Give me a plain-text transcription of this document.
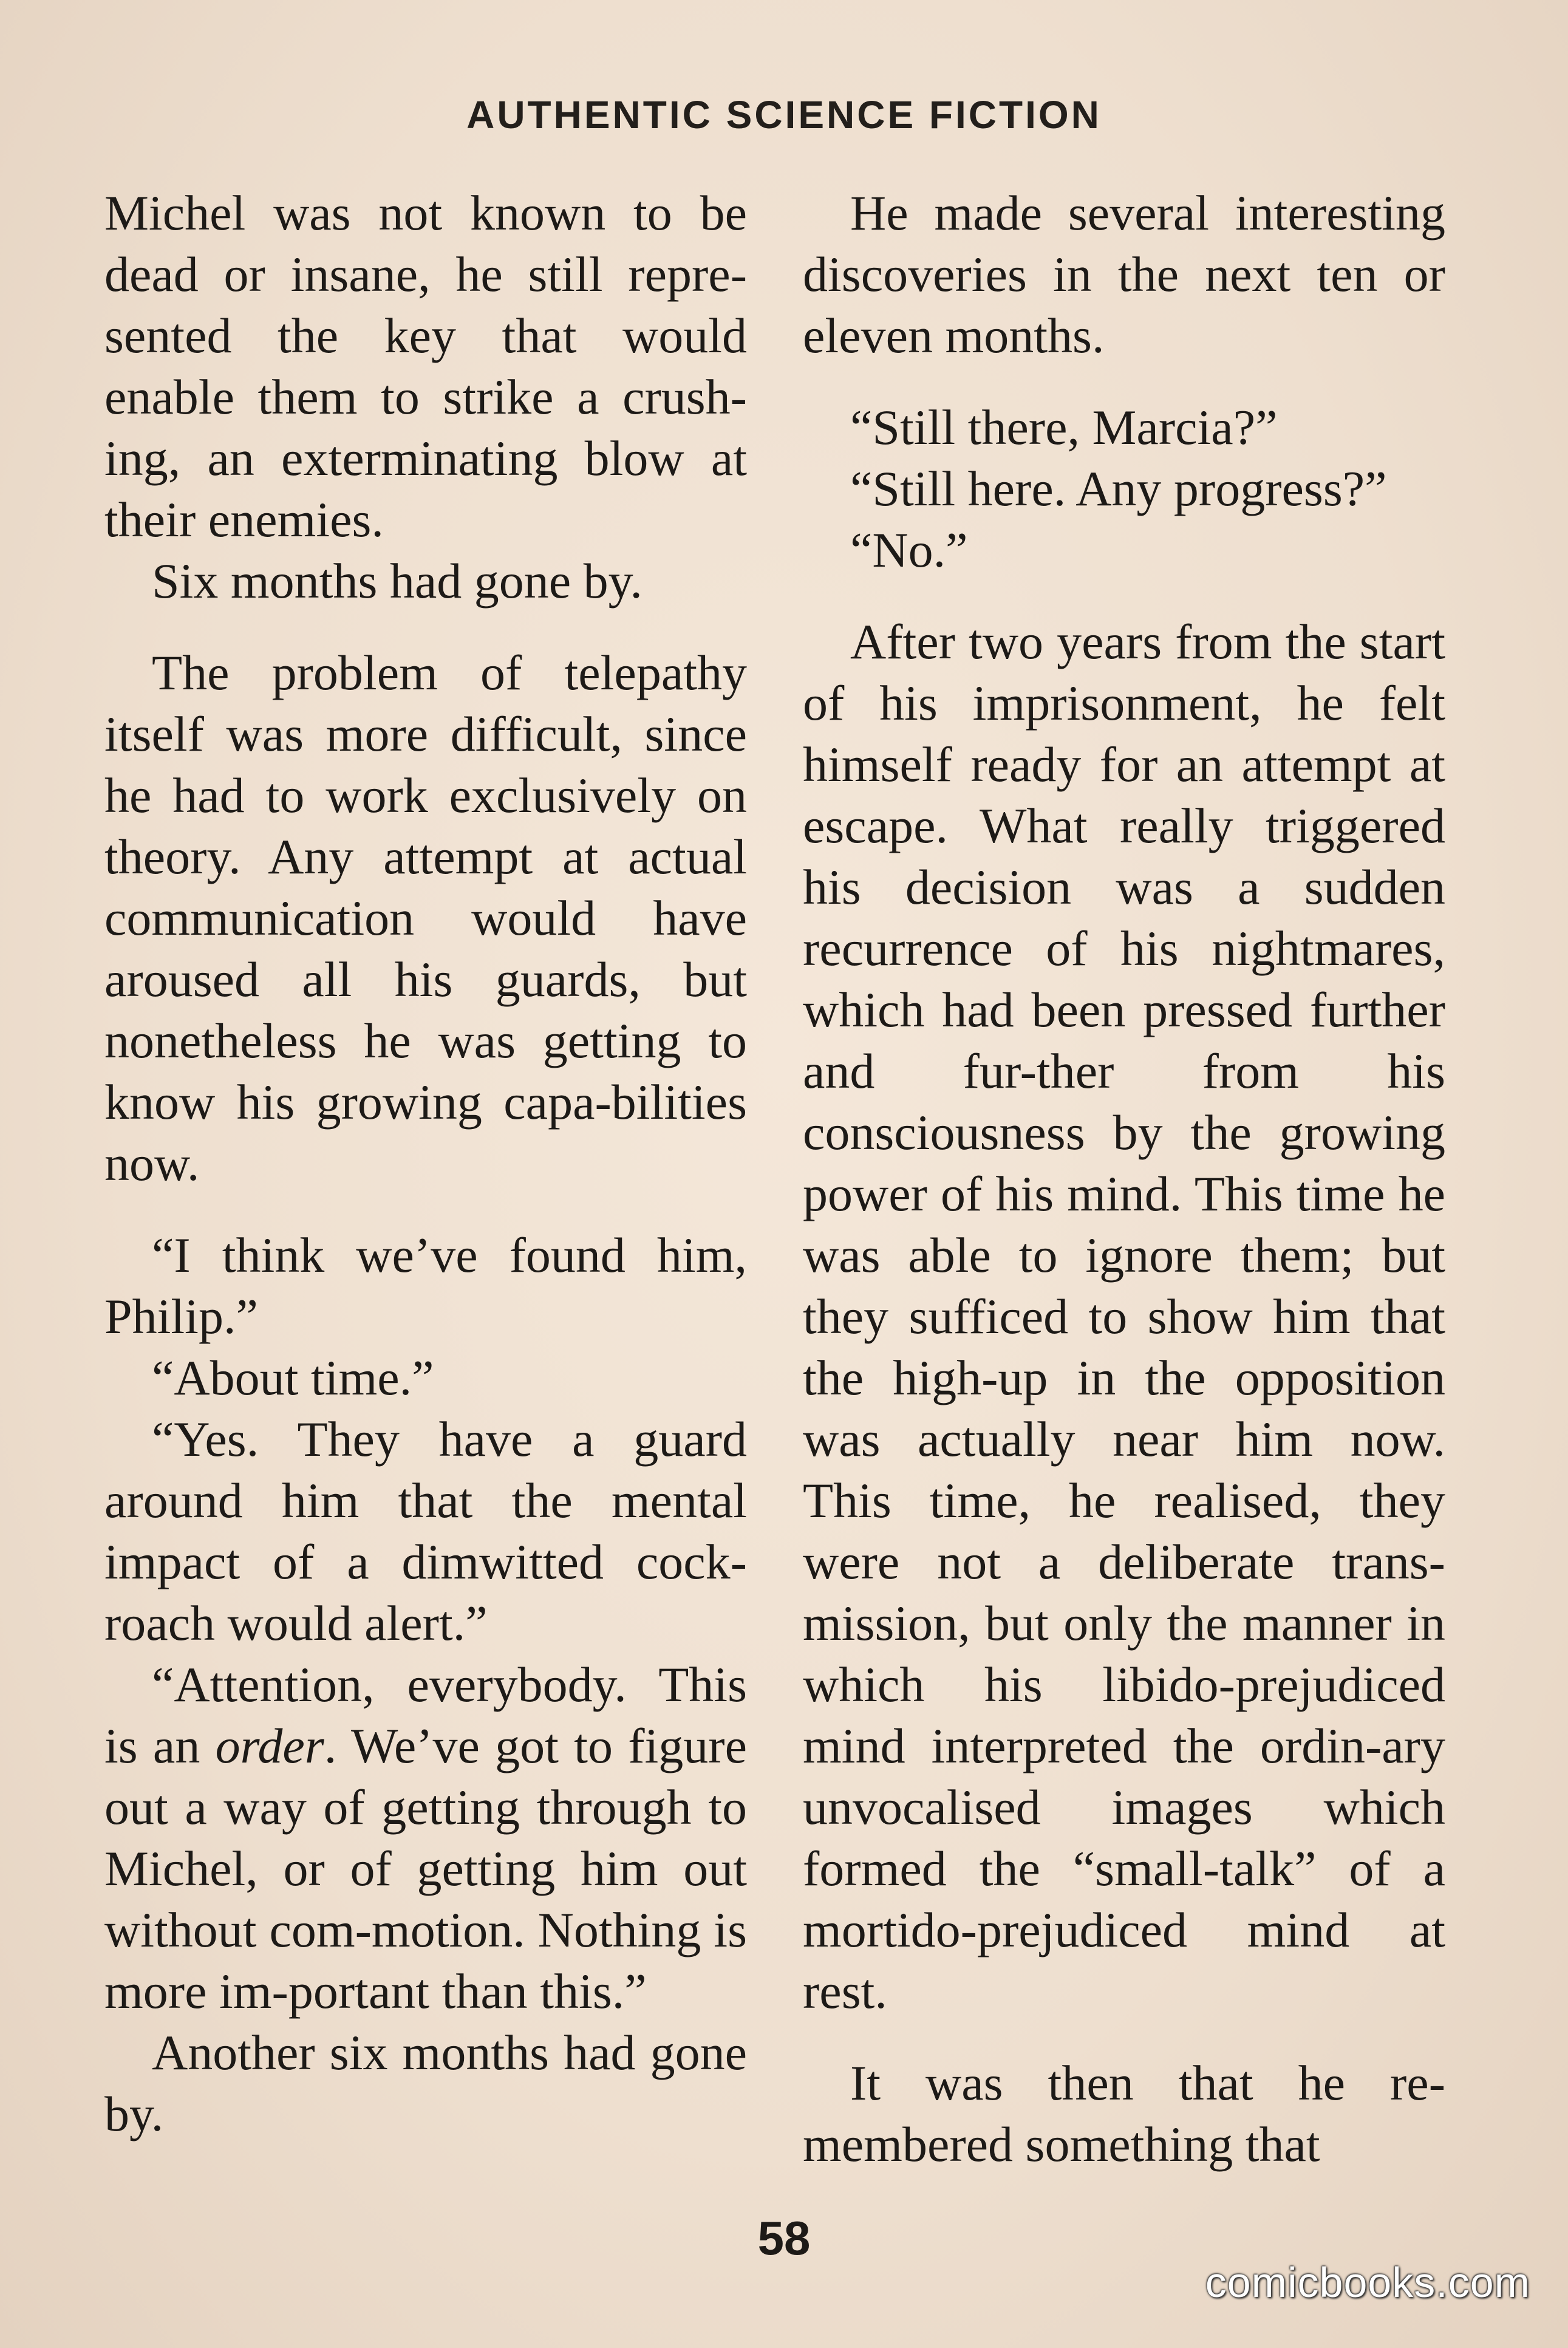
AUTHENTIC SCIENCE FICTION

Michel was not known to be dead or insane, he still repre-sented the key that would enable them to strike a crush-ing, an exterminating blow at their enemies.

Six months had gone by.

The problem of telepathy itself was more difficult, since he had to work exclusively on theory. Any attempt at actual communication would have aroused all his guards, but nonetheless he was getting to know his growing capa-bilities now.

“I think we’ve found him, Philip.”

“About time.”

“Yes. They have a guard around him that the mental impact of a dimwitted cock-roach would alert.”

“Attention, everybody. This is an order. We’ve got to figure out a way of getting through to Michel, or of getting him out without com-motion. Nothing is more im-portant than this.”

Another six months had gone by.

He made several interesting discoveries in the next ten or eleven months.

“Still there, Marcia?”

“Still here. Any progress?”

“No.”

After two years from the start of his imprisonment, he felt himself ready for an attempt at escape. What really triggered his decision was a sudden recurrence of his nightmares, which had been pressed further and fur-ther from his consciousness by the growing power of his mind. This time he was able to ignore them; but they sufficed to show him that the high-up in the opposition was actually near him now. This time, he realised, they were not a deliberate trans-mission, but only the manner in which his libido-prejudiced mind interpreted the ordin-ary unvocalised images which formed the “small-talk” of a mortido-prejudiced mind at rest.

It was then that he re-membered something that

58
comicbooks.com
